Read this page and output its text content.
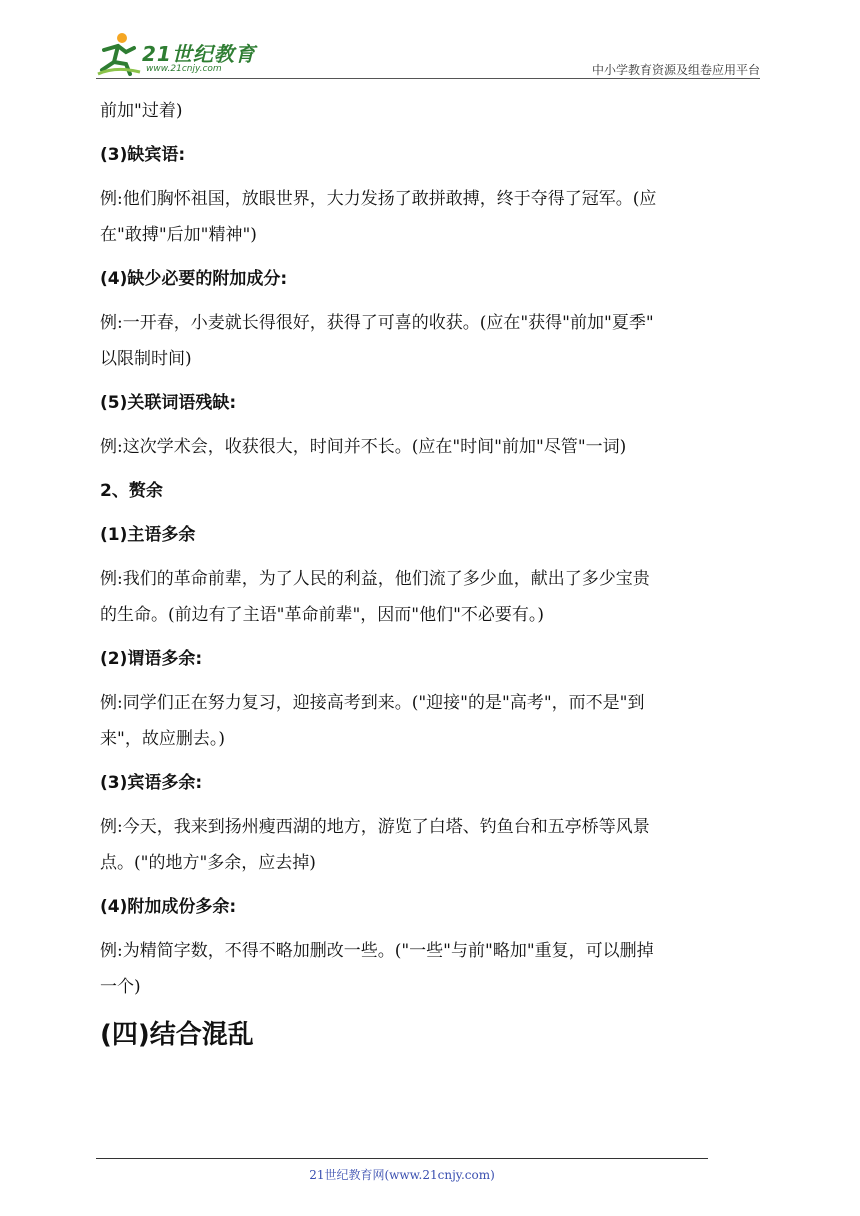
21世纪教育
www.21cnjy.com	中小学教育资源及组卷应用平台

前加"过着)

(3)缺宾语:

例:他们胸怀祖国，放眼世界，大力发扬了敢拼敢搏，终于夺得了冠军。(应

在"敢搏"后加"精神")

(4)缺少必要的附加成分:

例:一开春，小麦就长得很好，获得了可喜的收获。(应在"获得"前加"夏季"

以限制时间)

(5)关联词语残缺:

例:这次学术会，收获很大，时间并不长。(应在"时间"前加"尽管"一词)

2、赘余

(1)主语多余

例:我们的革命前辈，为了人民的利益，他们流了多少血，献出了多少宝贵

的生命。(前边有了主语"革命前辈"，因而"他们"不必要有。)

(2)谓语多余:

例:同学们正在努力复习，迎接高考到来。("迎接"的是"高考"，而不是"到

来"，故应删去。)

(3)宾语多余:

例:今天，我来到扬州瘦西湖的地方，游览了白塔、钓鱼台和五亭桥等风景

点。("的地方"多余，应去掉)

(4)附加成份多余:

例:为精简字数，不得不略加删改一些。("一些"与前"略加"重复，可以删掉

一个)

(四)结合混乱

21世纪教育网(www.21cnjy.com)
